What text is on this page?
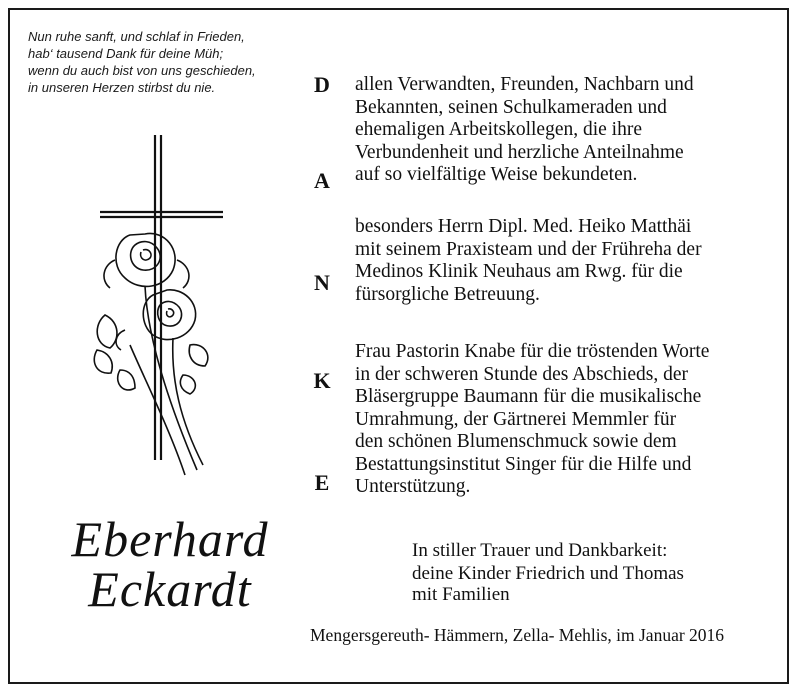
Nun ruhe sanft, und schlaf in Frieden,
hab‘ tausend Dank für deine Müh;
wenn du auch bist von uns geschieden,
in unseren Herzen stirbst du nie.	D
A
N
K
E
allen Verwandten, Freunden, Nachbarn und
Bekannten, seinen Schulkameraden und
ehemaligen Arbeitskollegen, die ihre
Verbundenheit und herzliche Anteilnahme
auf so vielfältige Weise bekundeten.
besonders Herrn Dipl. Med. Heiko Matthäi
mit seinem Praxisteam und der Frühreha der
Medinos Klinik Neuhaus am Rwg. für die
fürsorgliche Betreuung.
Frau Pastorin Knabe für die tröstenden Worte
in der schweren Stunde des Abschieds, der
Bläsergruppe Baumann für die musikalische
Umrahmung, der Gärtnerei Memmler für
den schönen Blumenschmuck sowie dem
Bestattungsinstitut Singer für die Hilfe und
Unterstützung.
Eberhard
Eckardt
In stiller Trauer und Dankbarkeit:
deine Kinder Friedrich und Thomas
mit Familien
Mengersgereuth- Hämmern, Zella- Mehlis, im Januar 2016
